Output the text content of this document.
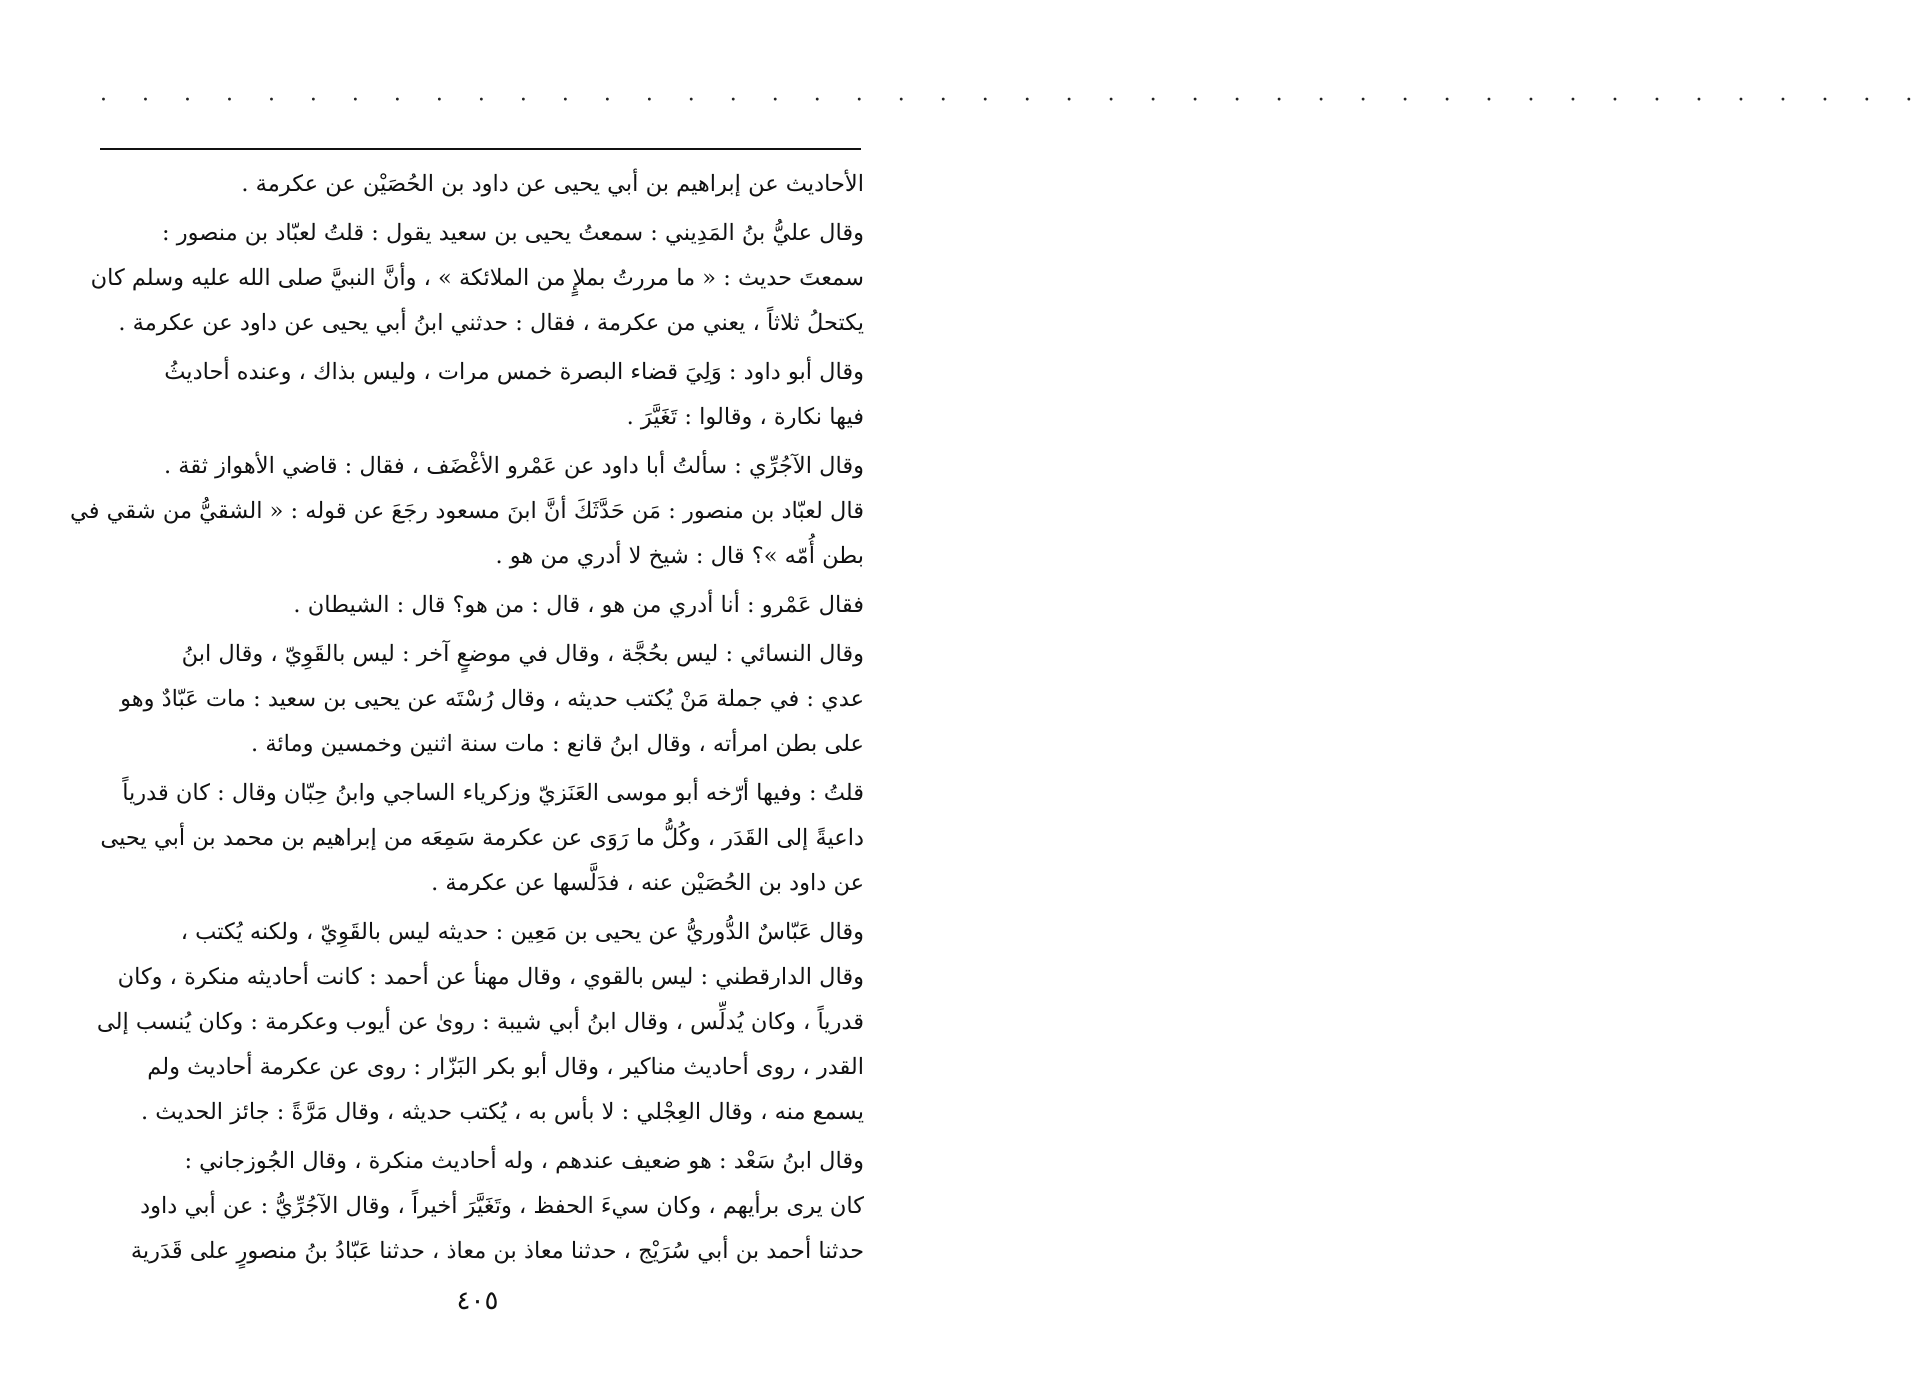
· · · · · · · · · · · · · · · · · · · · · · · · · · · · · · · · · · · · · · · · · · · ·
الأحاديث عن إبراهيم بن أبي يحيى عن داود بن الحُصَيْن عن عكرمة .
وقال عليُّ بنُ المَدِيني : سمعتُ يحيى بن سعيد يقول : قلتُ لعبّاد بن منصور :
سمعتَ حديث : « ما مررتُ بملإٍ من الملائكة » ، وأنَّ النبيَّ صلى الله عليه وسلم كان
يكتحلُ ثلاثاً ، يعني من عكرمة ، فقال : حدثني ابنُ أبي يحيى عن داود عن عكرمة .
وقال أبو داود : وَلِيَ قضاء البصرة خمس مرات ، وليس بذاك ، وعنده أحاديثُ
فيها نكارة ، وقالوا : تَغَيَّرَ .
وقال الآجُرِّي : سألتُ أبا داود عن عَمْرو الأغْضَف ، فقال : قاضي الأهواز ثقة .
قال لعبّاد بن منصور : مَن حَدَّثَكَ أنَّ ابنَ مسعود رجَعَ عن قوله : « الشقيُّ من شقي في
بطن أُمّه »؟ قال : شيخ لا أدري من هو .
فقال عَمْرو : أنا أدري من هو ، قال : من هو؟ قال : الشيطان .
وقال النسائي : ليس بحُجَّة ، وقال في موضعٍ آخر : ليس بالقَوِيّ ، وقال ابنُ
عدي : في جملة مَنْ يُكتب حديثه ، وقال رُسْتَه عن يحيى بن سعيد : مات عَبّادٌ وهو
على بطن امرأته ، وقال ابنُ قانع : مات سنة اثنين وخمسين ومائة .
قلتُ : وفيها أرّخه أبو موسى العَنَزيّ وزكرياء الساجي وابنُ حِبّان وقال : كان قدرياً
داعيةً إلى القَدَر ، وكُلُّ ما رَوَى عن عكرمة سَمِعَه من إبراهيم بن محمد بن أبي يحيى
عن داود بن الحُصَيْن عنه ، فدَلَّسها عن عكرمة .
وقال عَبّاسٌ الدُّوريُّ عن يحيى بن مَعِين : حديثه ليس بالقَوِيّ ، ولكنه يُكتب ،
وقال الدارقطني : ليس بالقوي ، وقال مهنأ عن أحمد : كانت أحاديثه منكرة ، وكان
قدرياً ، وكان يُدلِّس ، وقال ابنُ أبي شيبة : روىٰ عن أيوب وعكرمة : وكان يُنسب إلى
القدر ، روى أحاديث مناكير ، وقال أبو بكر البَزّار : روى عن عكرمة أحاديث ولم
يسمع منه ، وقال العِجْلي : لا بأس به ، يُكتب حديثه ، وقال مَرَّةً : جائز الحديث .
وقال ابنُ سَعْد : هو ضعيف عندهم ، وله أحاديث منكرة ، وقال الجُوزجاني :
كان يرى برأيهم ، وكان سيءَ الحفظ ، وتَغَيَّرَ أخيراً ، وقال الآجُرِّيُّ : عن أبي داود
حدثنا أحمد بن أبي سُرَيْج ، حدثنا معاذ بن معاذ ، حدثنا عَبّادُ بنُ منصورٍ على قَدَرية
٤٠٥
